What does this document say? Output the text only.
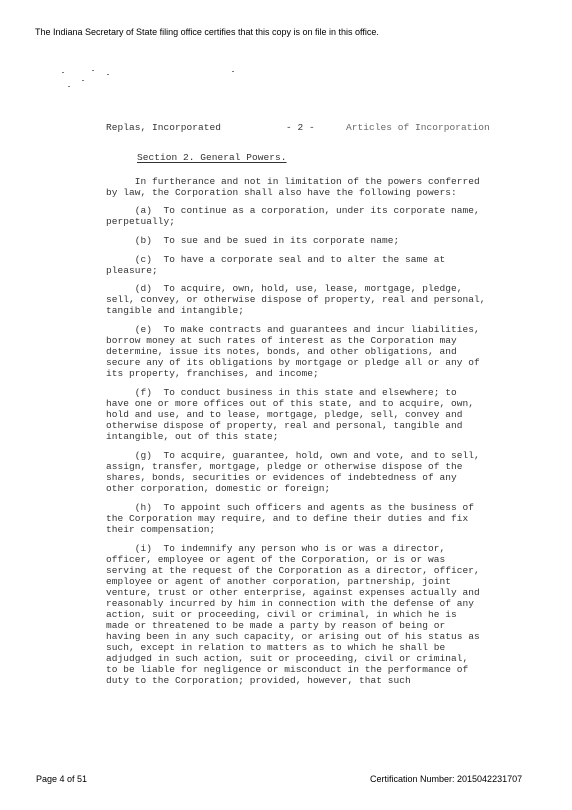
The Indiana Secretary of State filing office certifies that this copy is on file in this office.
Replas, Incorporated	- 2 -	Articles of Incorporation
Section 2. General Powers.
In furtherance and not in limitation of the powers conferred
by law, the Corporation shall also have the following powers:
(a)  To continue as a corporation, under its corporate name,
perpetually;
(b)  To sue and be sued in its corporate name;
(c)  To have a corporate seal and to alter the same at
pleasure;
(d)  To acquire, own, hold, use, lease, mortgage, pledge,
sell, convey, or otherwise dispose of property, real and personal,
tangible and intangible;
(e)  To make contracts and guarantees and incur liabilities,
borrow money at such rates of interest as the Corporation may
determine, issue its notes, bonds, and other obligations, and
secure any of its obligations by mortgage or pledge all or any of
its property, franchises, and income;
(f)  To conduct business in this state and elsewhere; to
have one or more offices out of this state, and to acquire, own,
hold and use, and to lease, mortgage, pledge, sell, convey and
otherwise dispose of property, real and personal, tangible and
intangible, out of this state;
(g)  To acquire, guarantee, hold, own and vote, and to sell,
assign, transfer, mortgage, pledge or otherwise dispose of the
shares, bonds, securities or evidences of indebtedness of any
other corporation, domestic or foreign;
(h)  To appoint such officers and agents as the business of
the Corporation may require, and to define their duties and fix
their compensation;
(i)  To indemnify any person who is or was a director,
officer, employee or agent of the Corporation, or is or was
serving at the request of the Corporation as a director, officer,
employee or agent of another corporation, partnership, joint
venture, trust or other enterprise, against expenses actually and
reasonably incurred by him in connection with the defense of any
action, suit or proceeding, civil or criminal, in which he is
made or threatened to be made a party by reason of being or
having been in any such capacity, or arising out of his status as
such, except in relation to matters as to which he shall be
adjudged in such action, suit or proceeding, civil or criminal,
to be liable for negligence or misconduct in the performance of
duty to the Corporation; provided, however, that such
Page 4 of 51	Certification Number: 2015042231707
